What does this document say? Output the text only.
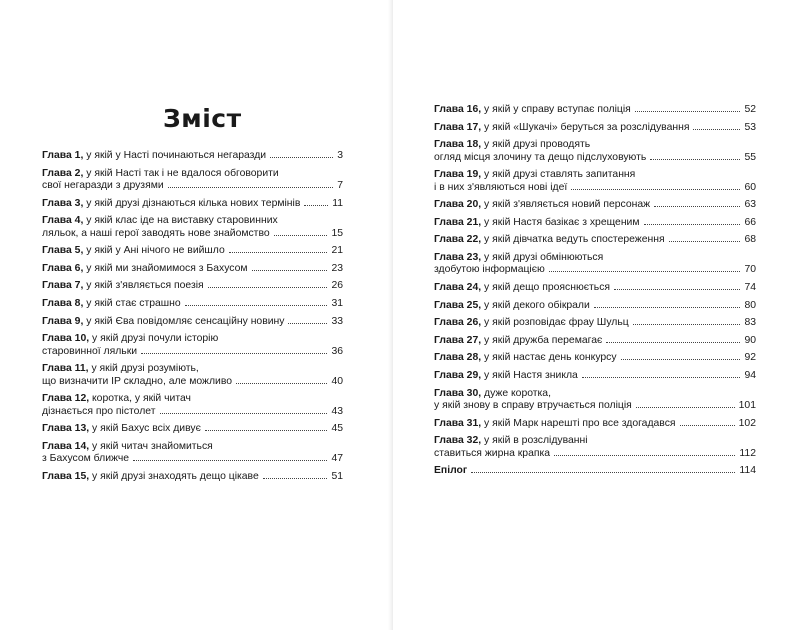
Зміст
Глава 1, у якій у Насті починаються негаразди	3
Глава 2, у якій Насті так і не вдалося обговорити
свої негаразди з друзями	7
Глава 3, у якій друзі дізнаються кілька нових термінів	11
Глава 4, у якій клас іде на виставку старовинних
ляльок, а наші герої заводять нове знайомство	15
Глава 5, у якій у Ані нічого не вийшло	21
Глава 6, у якій ми знайомимося з Бахусом	23
Глава 7, у якій з'являється поезія	26
Глава 8, у якій стає страшно	31
Глава 9, у якій Єва повідомляє сенсаційну новину	33
Глава 10, у якій друзі почули історію
старовинної ляльки	36
Глава 11, у якій друзі розуміють,
що визначити IP складно, але можливо	40
Глава 12, коротка, у якій читач
дізнається про пістолет	43
Глава 13, у якій Бахус всіх дивує	45
Глава 14, у якій читач знайомиться
з Бахусом ближче	47
Глава 15, у якій друзі знаходять дещо цікаве	51
Глава 16, у якій у справу вступає поліція	52
Глава 17, у якій «Шукачі» беруться за розслідування	53
Глава 18, у якій друзі проводять
огляд місця злочину та дещо підслуховують	55
Глава 19, у якій друзі ставлять запитання
і в них з'являються нові ідеї	60
Глава 20, у якій з'являється новий персонаж	63
Глава 21, у якій Настя базікає з хрещеним	66
Глава 22, у якій дівчатка ведуть спостереження	68
Глава 23, у якій друзі обмінюються
здобутою інформацією	70
Глава 24, у якій дещо прояснюється	74
Глава 25, у якій декого обікрали	80
Глава 26, у якій розповідає фрау Шульц	83
Глава 27, у якій дружба перемагає	90
Глава 28, у якій настає день конкурсу	92
Глава 29, у якій Настя зникла	94
Глава 30, дуже коротка,
у якій знову в справу втручається поліція	101
Глава 31, у якій Марк нарешті про все здогадався	102
Глава 32, у якій в розслідуванні
ставиться жирна крапка	112
Епілог	114
